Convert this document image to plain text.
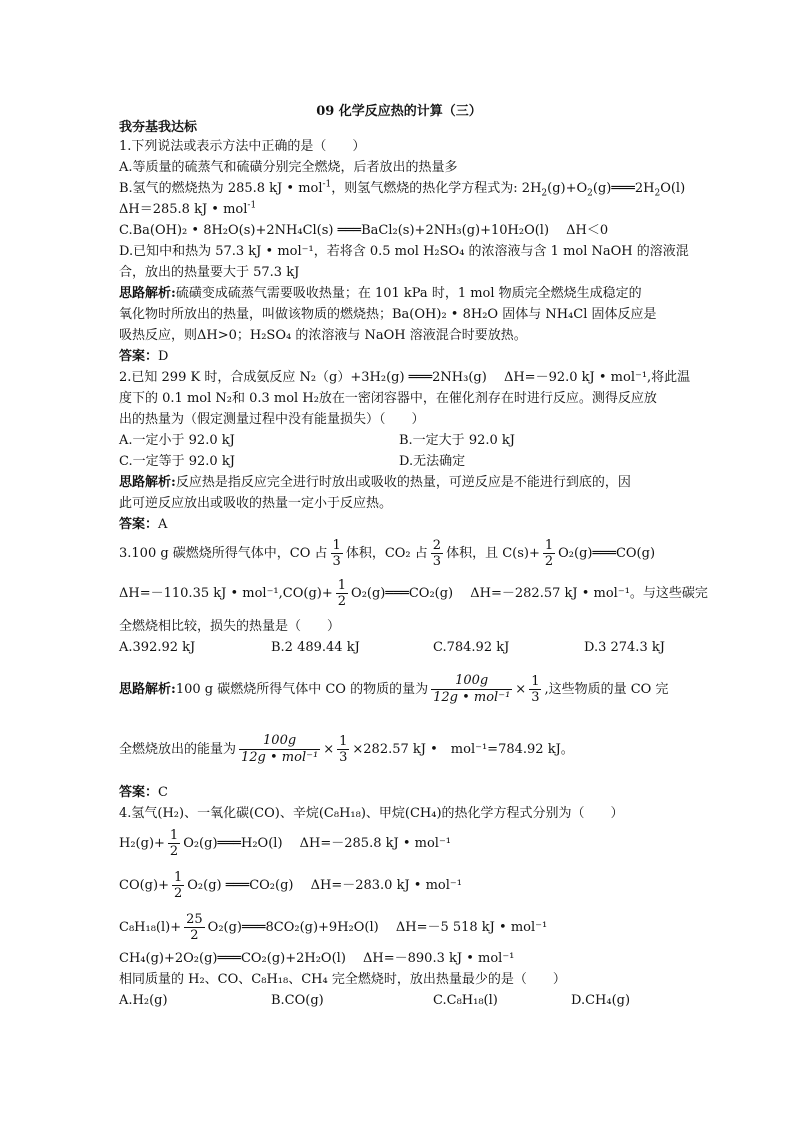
09 化学反应热的计算（三）
我夯基我达标
1.下列说法或表示方法中正确的是（　　）
A.等质量的硫蒸气和硫磺分别完全燃烧，后者放出的热量多
B.氢气的燃烧热为 285.8 kJ • mol$^{-1}$，则氢气燃烧的热化学方程式为: $2H_2(g)+O_2(g)═══2H_2O(l)$
ΔH＝285.8 kJ • mol$^{-1}$
C.Ba(OH)₂ • 8H₂O(s)+2NH₄Cl(s) ═══BaCl₂(s)+2NH₃(g)+10H₂O(l)　 ΔH＜0
D.已知中和热为 57.3 kJ • mol⁻¹，若将含 0.5 mol H₂SO₄ 的浓溶液与含 1 mol NaOH 的溶液混
合，放出的热量要大于 57.3 kJ
思路解析:硫磺变成硫蒸气需要吸收热量；在 101 kPa 时，1 mol 物质完全燃烧生成稳定的
氧化物时所放出的热量，叫做该物质的燃烧热；Ba(OH)₂ • 8H₂O 固体与 NH₄Cl 固体反应是
吸热反应，则ΔH>0；H₂SO₄ 的浓溶液与 NaOH 溶液混合时要放热。
答案：D
2.已知 299 K 时，合成氨反应 N₂（g）+3H₂(g) ═══2NH₃(g)　 ΔH=－92.0 kJ • mol⁻¹,将此温
度下的 0.1 mol N₂和 0.3 mol H₂放在一密闭容器中，在催化剂存在时进行反应。测得反应放
出的热量为（假定测量过程中没有能量损失）（　　）
A.一定小于 92.0 kJ	B.一定大于 92.0 kJ
C.一定等于 92.0 kJ	D.无法确定
思路解析:反应热是指反应完全进行时放出或吸收的热量，可逆反应是不能进行到底的，因
此可逆反应放出或吸收的热量一定小于反应热。
答案：A
3.100 g 碳燃烧所得气体中，CO 占 $\frac{1}{3}$ 体积，CO₂ 占 $\frac{2}{3}$ 体积，且 $C(s)+ \frac{1}{2}$ O₂(g)═══CO(g)
ΔH=－110.35 kJ • $mol^{-1},CO(g)+ \frac{1}{2}$ O₂(g)═══CO₂(g)　 ΔH=－282.57 kJ • mol⁻¹。与这些碳完
全燃烧相比较，损失的热量是（　　）
A.392.92 kJ	B.2 489.44 kJ	C.784.92 kJ	D.3 274.3 kJ
思路解析:100 g 碳燃烧所得气体中 CO 的物质的量为 $\frac{100g}{\text{12g • mol⁻¹}} \times \frac{1}{3}$ ,这些物质的量 CO 完
全燃烧放出的能量为 $\frac{100g}{\text{12g • mol⁻¹}} \times \frac{1}{3} \times 282.57$ kJ •　mol⁻¹=784.92 kJ。
答案：C
4.氢气(H₂)、一氧化碳(CO)、辛烷(C₈H₁₈)、甲烷(CH₄)的热化学方程式分别为（　　）
$H_2(g)+ \frac{1}{2}$ O₂(g)═══H₂O(l)　 ΔH=－285.8 kJ • mol⁻¹
$CO(g)+ \frac{1}{2} O_2(g)$ ═══CO₂(g)　 ΔH=－283.0 kJ • mol⁻¹
$C_8H_{18}(l)+ \frac{25}{2}$ O₂(g)═══8CO₂(g)+9H₂O(l)　 ΔH=－5 518 kJ • mol⁻¹
CH₄(g)+2O₂(g)═══CO₂(g)+2H₂O(l)　 ΔH=－890.3 kJ • mol⁻¹
相同质量的 H₂、CO、C₈H₁₈、CH₄ 完全燃烧时，放出热量最少的是（　　）
A.H₂(g)	B.CO(g)	C.C₈H₁₈(l)	D.CH₄(g)
